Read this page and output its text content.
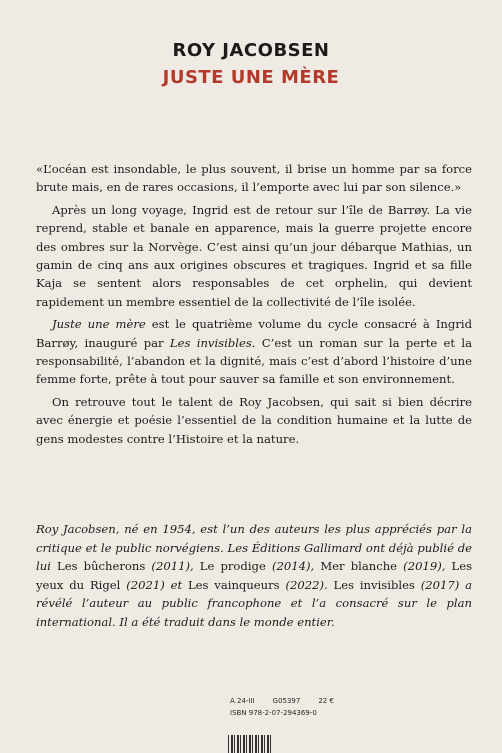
ROY JACOBSEN
JUSTE UNE MÈRE

«L’océan est insondable, le plus souvent, il brise un homme par sa force brute mais, en de rares occasions, il l’emporte avec lui par son silence.»

Après un long voyage, Ingrid est de retour sur l’île de Barrøy. La vie reprend, stable et banale en apparence, mais la guerre projette encore des ombres sur la Norvège. C’est ainsi qu’un jour débarque Mathias, un gamin de cinq ans aux origines obscures et tragiques. Ingrid et sa fille Kaja se sentent alors responsables de cet orphelin, qui devient rapidement un membre essentiel de la collectivité de l’île isolée.

Juste une mère est le quatrième volume du cycle consacré à Ingrid Barrøy, inauguré par Les invisibles. C’est un roman sur la perte et la responsabilité, l’abandon et la dignité, mais c’est d’abord l’histoire d’une femme forte, prête à tout pour sauver sa famille et son environnement.

On retrouve tout le talent de Roy Jacobsen, qui sait si bien décrire avec énergie et poésie l’essentiel de la condition humaine et la lutte de gens modestes contre l’Histoire et la nature.

Roy Jacobsen, né en 1954, est l’un des auteurs les plus appréciés par la critique et le public norvégiens. Les Éditions Gallimard ont déjà publié de lui Les bûcherons (2011), Le prodige (2014), Mer blanche (2019), Les yeux du Rigel (2021) et Les vainqueurs (2022). Les invisibles (2017) a révélé l’auteur au public francophone et l’a consacré sur le plan international. Il a été traduit dans le monde entier.
A 24-III	G05397	22 €
ISBN 978-2-07-294369-0
